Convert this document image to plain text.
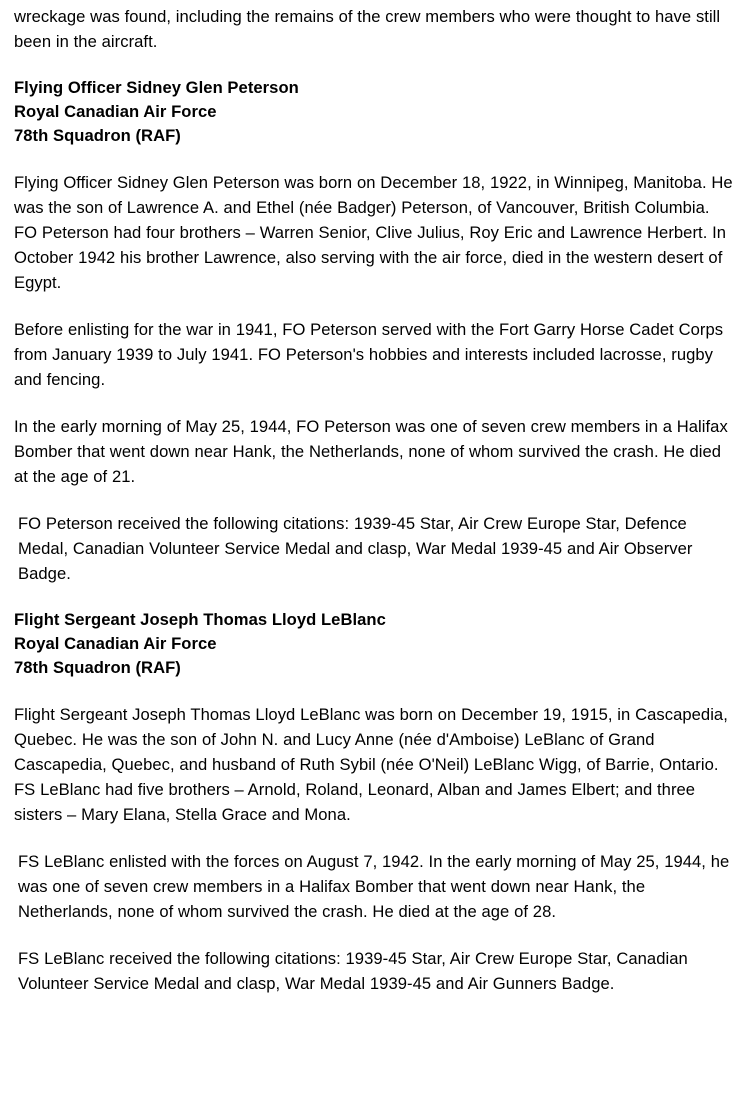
wreckage was found, including the remains of the crew members who were thought to have still been in the aircraft.

Flying Officer Sidney Glen Peterson
Royal Canadian Air Force
78th Squadron (RAF)

Flying Officer Sidney Glen Peterson was born on December 18, 1922, in Winnipeg, Manitoba. He was the son of Lawrence A. and Ethel (née Badger) Peterson, of Vancouver, British Columbia. FO Peterson had four brothers – Warren Senior, Clive Julius, Roy Eric and Lawrence Herbert. In October 1942 his brother Lawrence, also serving with the air force, died in the western desert of Egypt.

Before enlisting for the war in 1941, FO Peterson served with the Fort Garry Horse Cadet Corps from January 1939 to July 1941. FO Peterson's hobbies and interests included lacrosse, rugby and fencing.

In the early morning of May 25, 1944, FO Peterson was one of seven crew members in a Halifax Bomber that went down near Hank, the Netherlands, none of whom survived the crash. He died at the age of 21.

FO Peterson received the following citations: 1939-45 Star, Air Crew Europe Star, Defence Medal, Canadian Volunteer Service Medal and clasp, War Medal 1939-45 and Air Observer Badge.

Flight Sergeant Joseph Thomas Lloyd LeBlanc
Royal Canadian Air Force
78th Squadron (RAF)

Flight Sergeant Joseph Thomas Lloyd LeBlanc was born on December 19, 1915, in Cascapedia, Quebec. He was the son of John N. and Lucy Anne (née d'Amboise) LeBlanc of Grand Cascapedia, Quebec, and husband of Ruth Sybil (née O'Neil) LeBlanc Wigg, of Barrie, Ontario. FS LeBlanc had five brothers – Arnold, Roland, Leonard, Alban and James Elbert; and three sisters – Mary Elana, Stella Grace and Mona.

FS LeBlanc enlisted with the forces on August 7, 1942. In the early morning of May 25, 1944, he was one of seven crew members in a Halifax Bomber that went down near Hank, the Netherlands, none of whom survived the crash. He died at the age of 28.

FS LeBlanc received the following citations: 1939-45 Star, Air Crew Europe Star, Canadian Volunteer Service Medal and clasp, War Medal 1939-45 and Air Gunners Badge.
